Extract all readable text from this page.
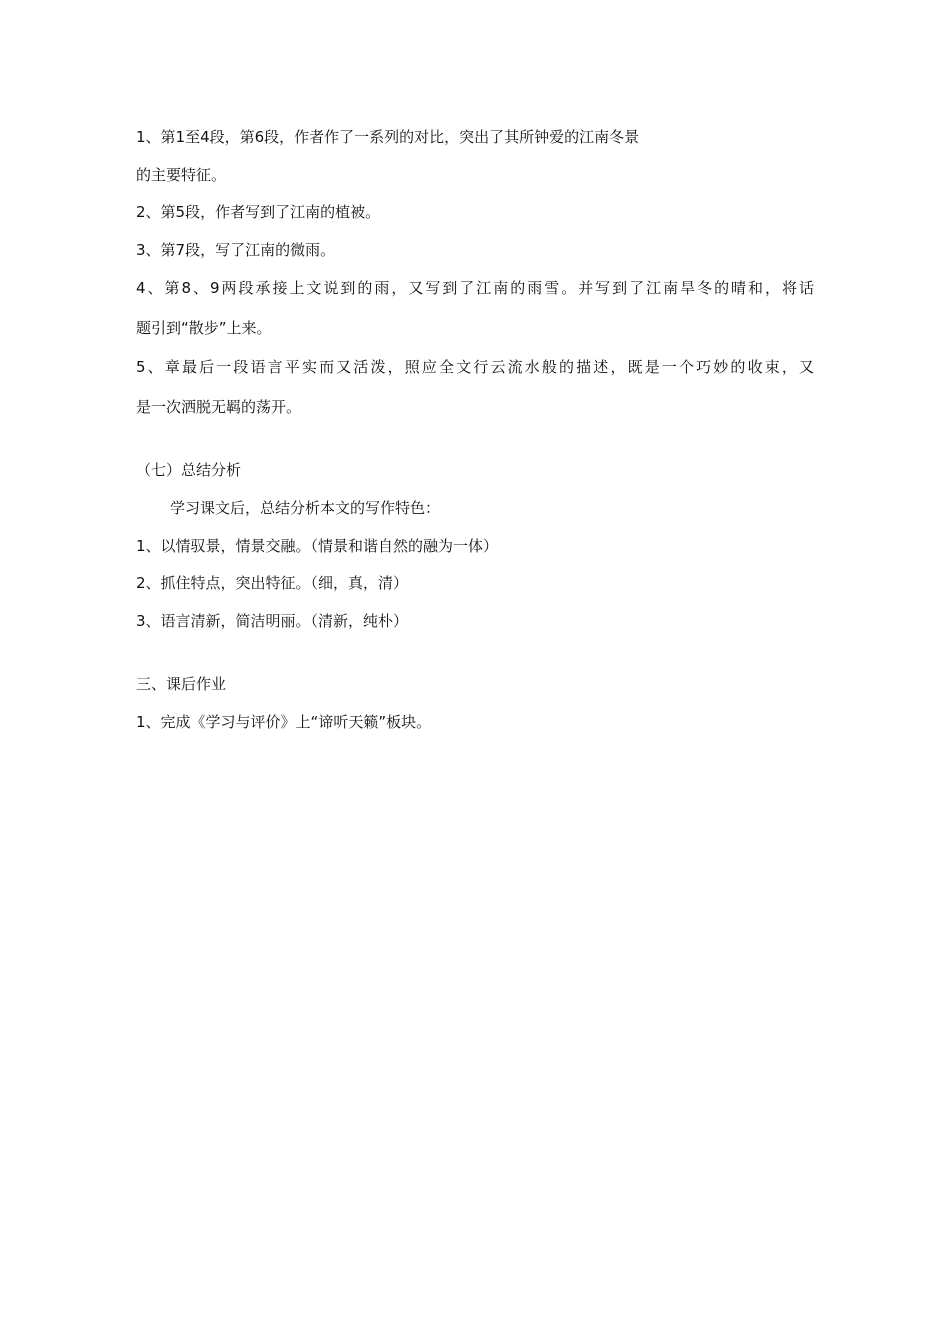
1、第1至4段，第6段，作者作了一系列的对比，突出了其所钟爱的江南冬景
的主要特征。
2、第5段，作者写到了江南的植被。
3、第7段，写了江南的微雨。
4、第8、9两段承接上文说到的雨，又写到了江南的雨雪。并写到了江南旱冬的晴和，将话
题引到“散步”上来。
5、章最后一段语言平实而又活泼，照应全文行云流水般的描述，既是一个巧妙的收束，又
是一次洒脱无羁的荡开。
（七）总结分析
学习课文后，总结分析本文的写作特色：
1、以情驭景，情景交融。（情景和谐自然的融为一体）
2、抓住特点，突出特征。（细，真，清）
3、语言清新，简洁明丽。（清新，纯朴）
三、课后作业
1、完成《学习与评价》上“谛听天籁”板块。
